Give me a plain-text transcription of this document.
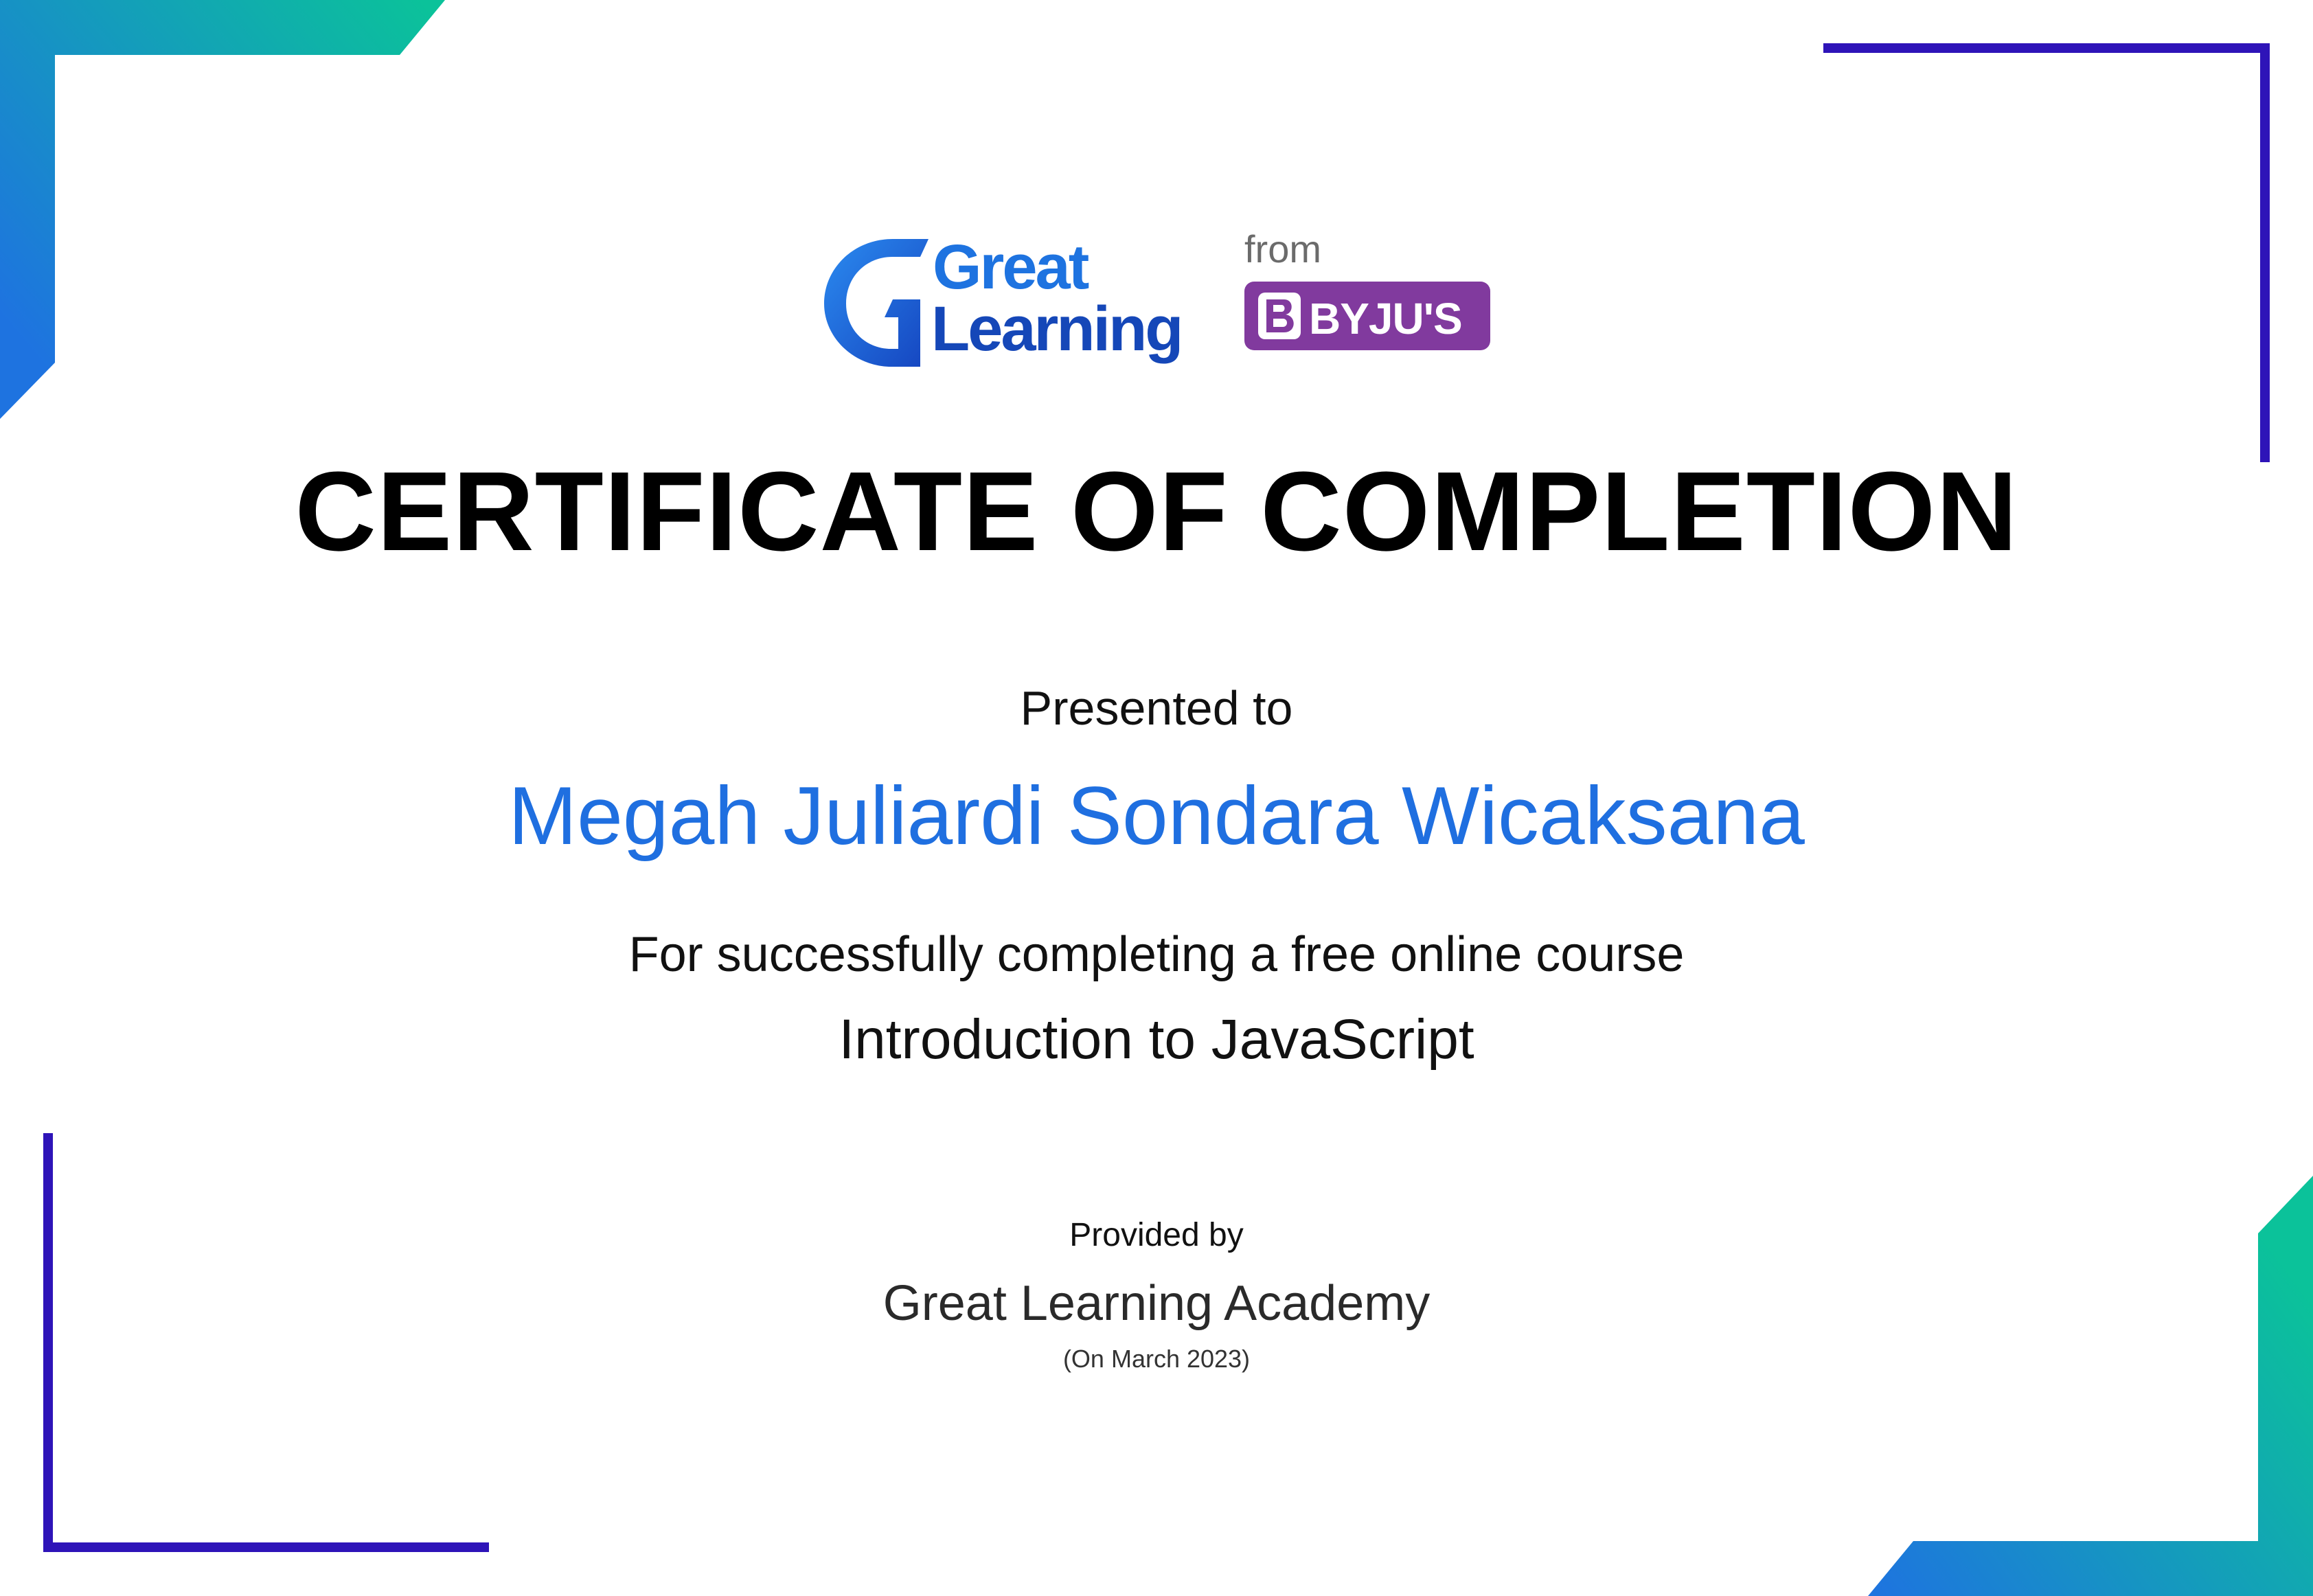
Great
Learning
from
BYJU'S
CERTIFICATE OF COMPLETION

Presented to

Megah Juliardi Sondara Wicaksana

For successfully completing a free online course

Introduction to JavaScript

Provided by

Great Learning Academy

(On March 2023)
